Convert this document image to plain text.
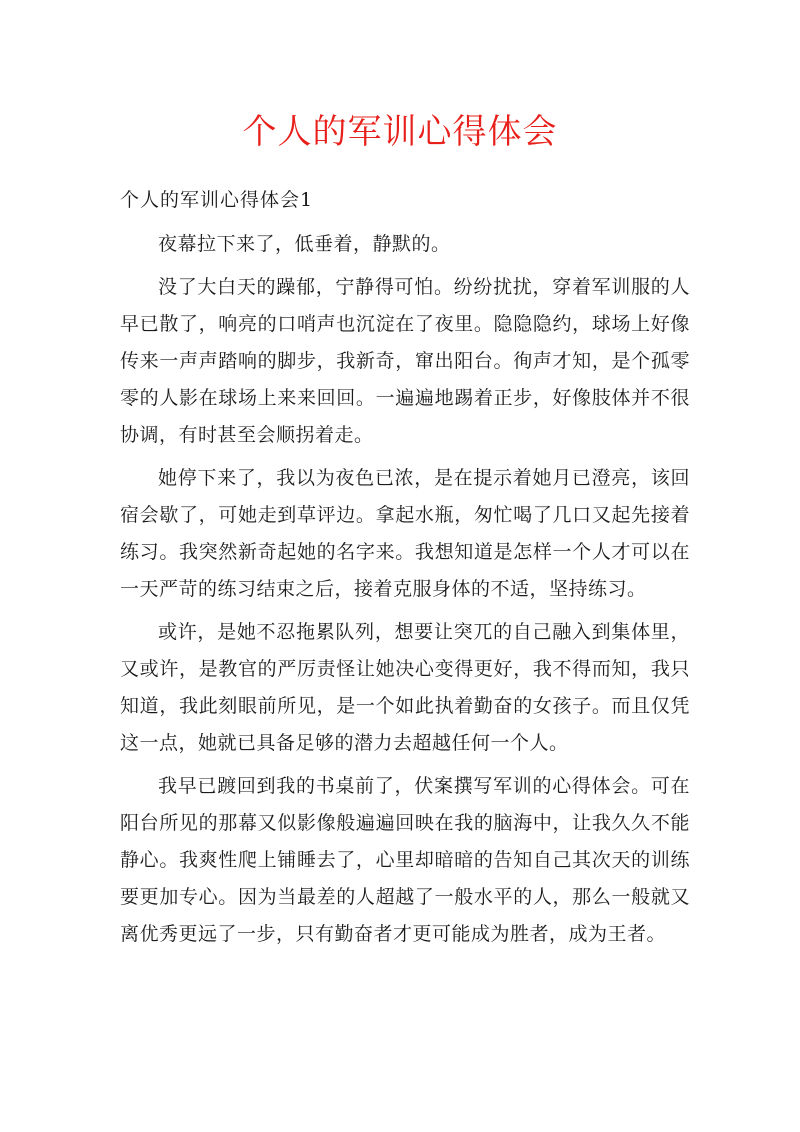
个人的军训心得体会
个人的军训心得体会1

夜幕拉下来了，低垂着，静默的。

没了大白天的躁郁，宁静得可怕。纷纷扰扰，穿着军训服的人早已散了，响亮的口哨声也沉淀在了夜里。隐隐隐约，球场上好像传来一声声踏响的脚步，我新奇，窜出阳台。徇声才知，是个孤零零的人影在球场上来来回回。一遍遍地踢着正步，好像肢体并不很协调，有时甚至会顺拐着走。

她停下来了，我以为夜色已浓，是在提示着她月已澄亮，该回宿会歇了，可她走到草评边。拿起水瓶，匆忙喝了几口又起先接着练习。我突然新奇起她的名字来。我想知道是怎样一个人才可以在一天严苛的练习结束之后，接着克服身体的不适，坚持练习。

或许，是她不忍拖累队列，想要让突兀的自己融入到集体里，又或许，是教官的严厉责怪让她决心变得更好，我不得而知，我只知道，我此刻眼前所见，是一个如此执着勤奋的女孩子。而且仅凭这一点，她就已具备足够的潜力去超越任何一个人。

我早已踱回到我的书桌前了，伏案撰写军训的心得体会。可在阳台所见的那幕又似影像般遍遍回映在我的脑海中，让我久久不能静心。我爽性爬上铺睡去了，心里却暗暗的告知自己其次天的训练要更加专心。因为当最差的人超越了一般水平的人，那么一般就又离优秀更远了一步，只有勤奋者才更可能成为胜者，成为王者。
